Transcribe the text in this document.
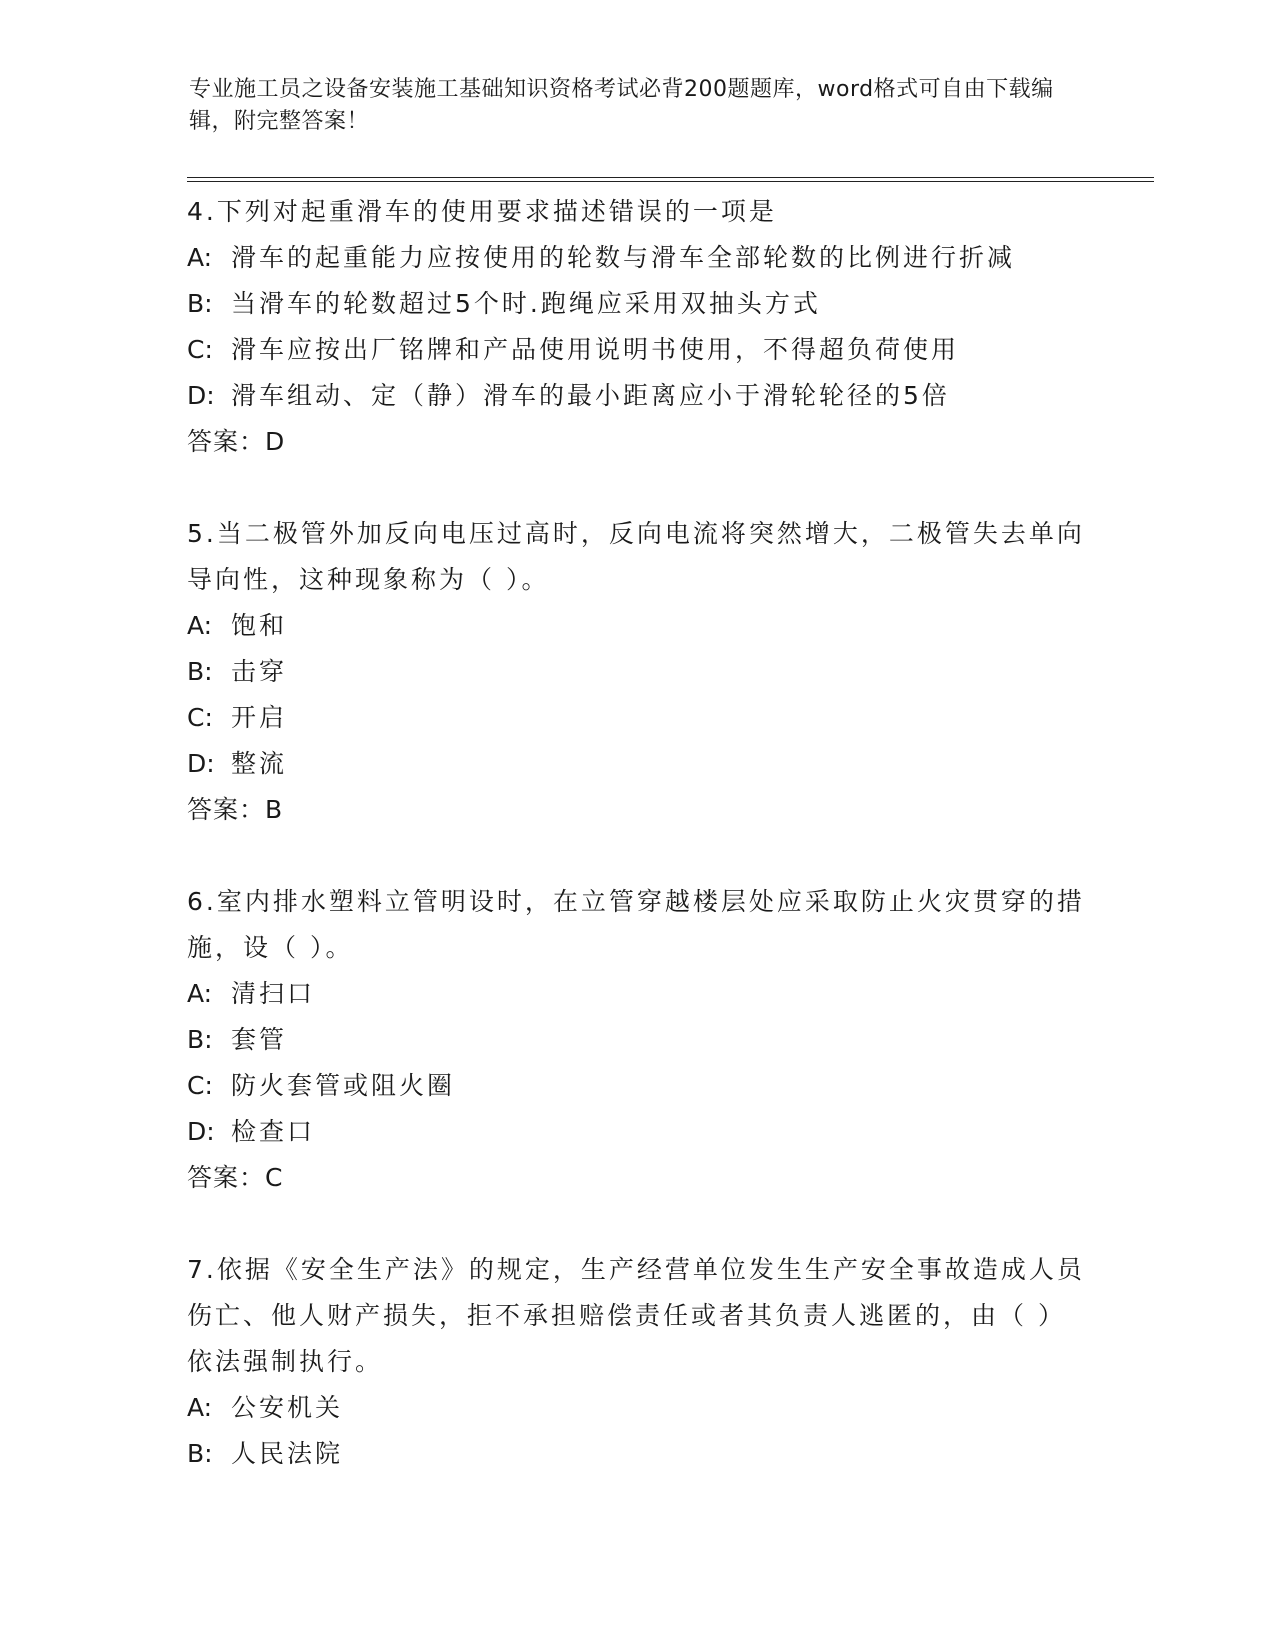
专业施工员之设备安装施工基础知识资格考试必背200题题库，word格式可自由下载编辑，附完整答案！

4.下列对起重滑车的使用要求描述错误的一项是

A: 滑车的起重能力应按使用的轮数与滑车全部轮数的比例进行折减

B: 当滑车的轮数超过5个时.跑绳应采用双抽头方式

C: 滑车应按出厂铭牌和产品使用说明书使用，不得超负荷使用

D: 滑车组动、定（静）滑车的最小距离应小于滑轮轮径的5倍

答案：D

5.当二极管外加反向电压过高时，反向电流将突然增大，二极管失去单向导向性，这种现象称为（ ）。

A: 饱和

B: 击穿

C: 开启

D: 整流

答案：B

6.室内排水塑料立管明设时，在立管穿越楼层处应采取防止火灾贯穿的措施，设（ ）。

A: 清扫口

B: 套管

C: 防火套管或阻火圈

D: 检查口

答案：C

7.依据《安全生产法》的规定，生产经营单位发生生产安全事故造成人员伤亡、他人财产损失，拒不承担赔偿责任或者其负责人逃匿的，由（ ）依法强制执行。

A: 公安机关

B: 人民法院
